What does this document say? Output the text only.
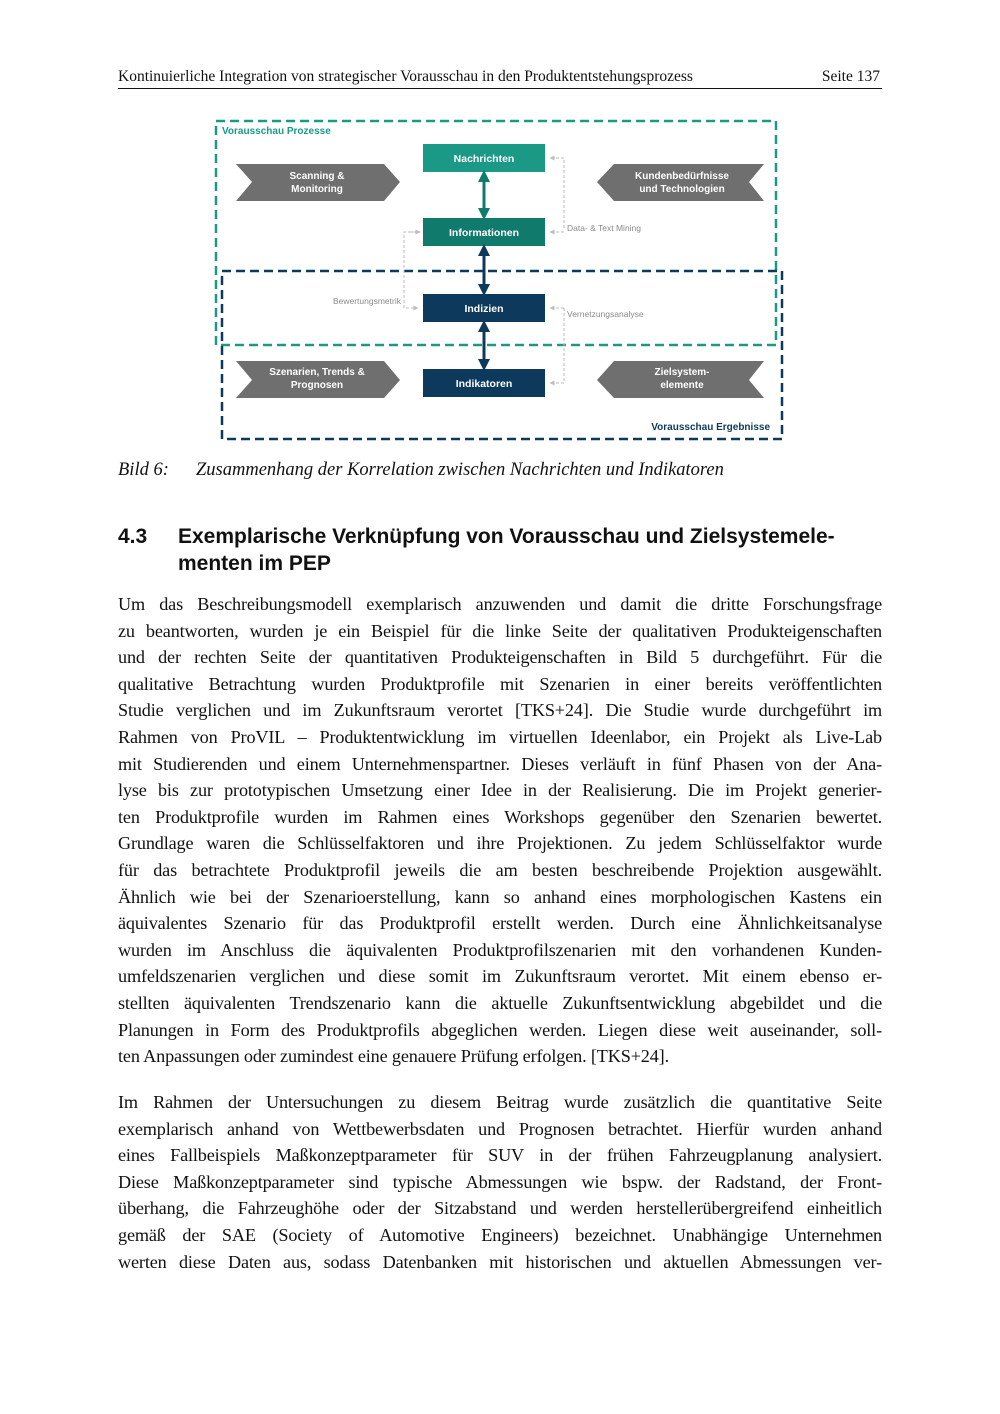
Kontinuierliche Integration von strategischer Vorausschau in den Produktentstehungsprozess	Seite 137
Vorausschau Prozesse
Vorausschau Ergebnisse
Scanning &
Monitoring
Kundenbedürfnisse
und Technologien
Szenarien, Trends &
Prognosen
Zielsystem-
elemente
Nachrichten
Informationen
Indizien
Indikatoren
Data- & Text Mining
Vernetzungsanalyse
Bewertungsmetrik
Bild 6: Zusammenhang der Korrelation zwischen Nachrichten und Indikatoren
4.3 Exemplarische Verknüpfung von Vorausschau und Zielsystemele-
menten im PEP
Um das Beschreibungsmodell exemplarisch anzuwenden und damit die dritte Forschungsfrage
zu beantworten, wurden je ein Beispiel für die linke Seite der qualitativen Produkteigenschaften
und der rechten Seite der quantitativen Produkteigenschaften in Bild 5 durchgeführt. Für die
qualitative Betrachtung wurden Produktprofile mit Szenarien in einer bereits veröffentlichten
Studie verglichen und im Zukunftsraum verortet [TKS+24]. Die Studie wurde durchgeführt im
Rahmen von ProVIL – Produktentwicklung im virtuellen Ideenlabor, ein Projekt als Live-Lab
mit Studierenden und einem Unternehmenspartner. Dieses verläuft in fünf Phasen von der Ana-
lyse bis zur prototypischen Umsetzung einer Idee in der Realisierung. Die im Projekt generier-
ten Produktprofile wurden im Rahmen eines Workshops gegenüber den Szenarien bewertet.
Grundlage waren die Schlüsselfaktoren und ihre Projektionen. Zu jedem Schlüsselfaktor wurde
für das betrachtete Produktprofil jeweils die am besten beschreibende Projektion ausgewählt.
Ähnlich wie bei der Szenarioerstellung, kann so anhand eines morphologischen Kastens ein
äquivalentes Szenario für das Produktprofil erstellt werden. Durch eine Ähnlichkeitsanalyse
wurden im Anschluss die äquivalenten Produktprofilszenarien mit den vorhandenen Kunden-
umfeldszenarien verglichen und diese somit im Zukunftsraum verortet. Mit einem ebenso er-
stellten äquivalenten Trendszenario kann die aktuelle Zukunftsentwicklung abgebildet und die
Planungen in Form des Produktprofils abgeglichen werden. Liegen diese weit auseinander, soll-
ten Anpassungen oder zumindest eine genauere Prüfung erfolgen. [TKS+24].
Im Rahmen der Untersuchungen zu diesem Beitrag wurde zusätzlich die quantitative Seite
exemplarisch anhand von Wettbewerbsdaten und Prognosen betrachtet. Hierfür wurden anhand
eines Fallbeispiels Maßkonzeptparameter für SUV in der frühen Fahrzeugplanung analysiert.
Diese Maßkonzeptparameter sind typische Abmessungen wie bspw. der Radstand, der Front-
überhang, die Fahrzeughöhe oder der Sitzabstand und werden herstellerübergreifend einheitlich
gemäß der SAE (Society of Automotive Engineers) bezeichnet. Unabhängige Unternehmen
werten diese Daten aus, sodass Datenbanken mit historischen und aktuellen Abmessungen ver-
